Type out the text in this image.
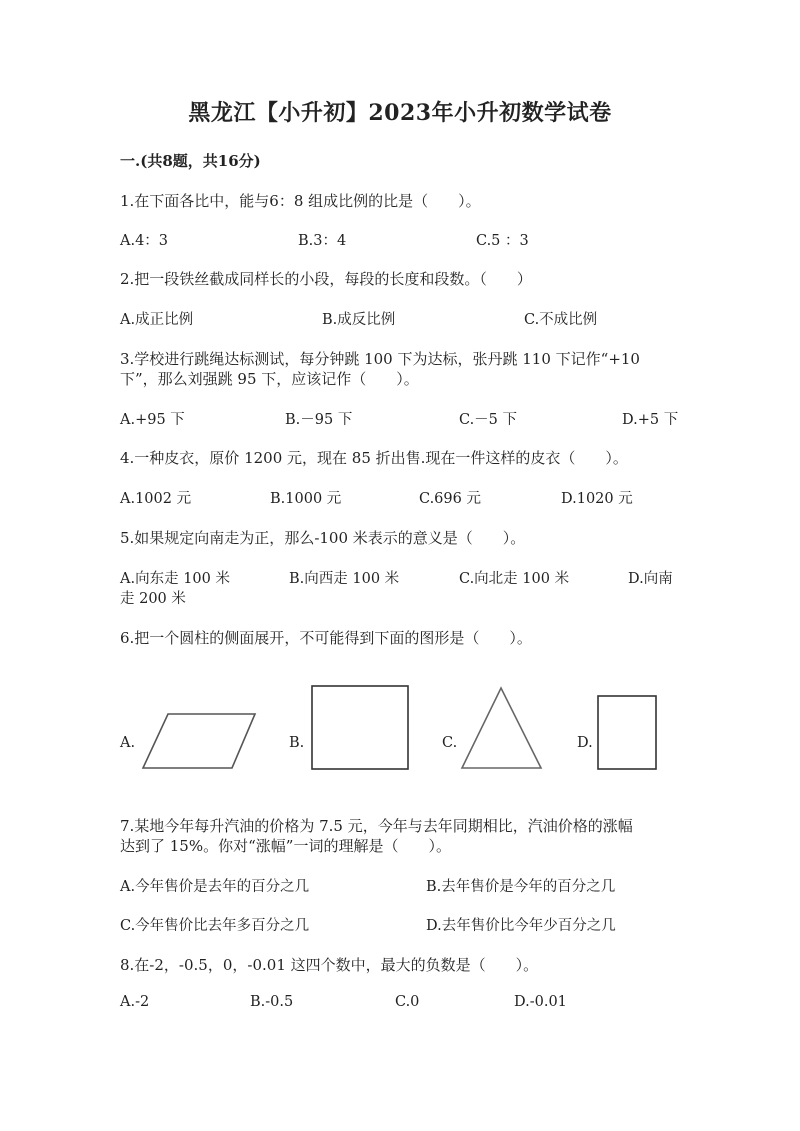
黑龙江【小升初】2023年小升初数学试卷
一.(共8题，共16分)
1.在下面各比中，能与6：8 组成比例的比是（　　）。
A.4：3	B.3：4	C.5 ：3
2.把一段铁丝截成同样长的小段，每段的长度和段数。（　　）
A.成正比例	B.成反比例	C.不成比例
3.学校进行跳绳达标测试，每分钟跳 100 下为达标，张丹跳 110 下记作“+10
下”，那么刘强跳 95 下，应该记作（　　）。
A.+95 下	B.－95 下	C.－5 下	D.+5 下
4.一种皮衣，原价 1200 元，现在 85 折出售.现在一件这样的皮衣（　　）。
A.1002 元	B.1000 元	C.696 元	D.1020 元
5.如果规定向南走为正，那么-100 米表示的意义是（　　）。
A.向东走 100 米	B.向西走 100 米	C.向北走 100 米	D.向南
走 200 米
6.把一个圆柱的侧面展开，不可能得到下面的图形是（　　）。
A.	B.	C.	D.
7.某地今年每升汽油的价格为 7.5 元，今年与去年同期相比，汽油价格的涨幅
达到了 15%。你对“涨幅”一词的理解是（　　）。
A.今年售价是去年的百分之几	B.去年售价是今年的百分之几
C.今年售价比去年多百分之几	D.去年售价比今年少百分之几
8.在-2，-0.5，0，-0.01 这四个数中，最大的负数是（　　）。
A.-2	B.-0.5	C.0	D.-0.01
